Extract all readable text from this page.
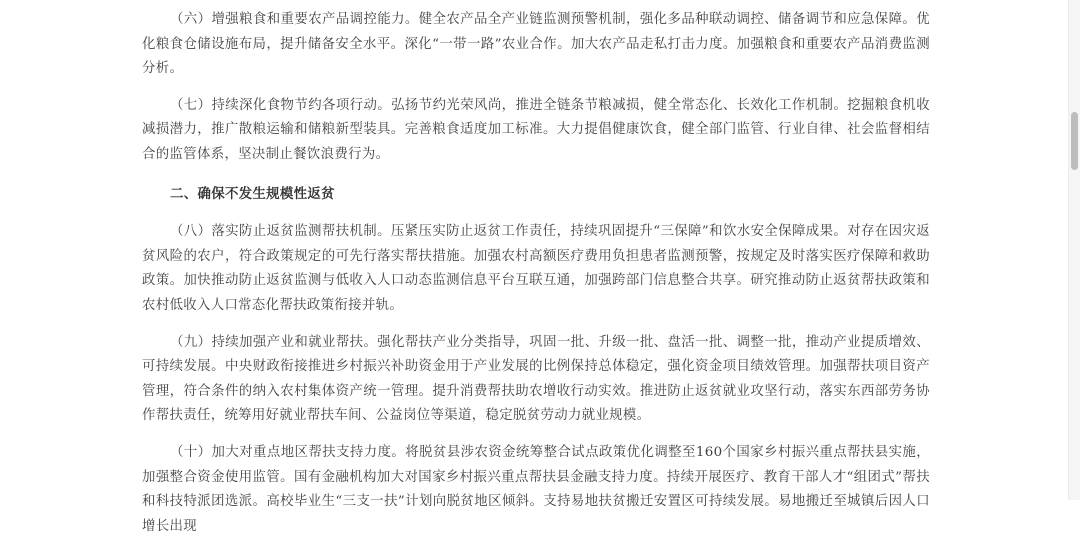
（六）增强粮食和重要农产品调控能力。健全农产品全产业链监测预警机制，强化多品种联动调控、储备调节和应急保障。优化粮食仓储设施布局，提升储备安全水平。深化“一带一路”农业合作。加大农产品走私打击力度。加强粮食和重要农产品消费监测分析。

（七）持续深化食物节约各项行动。弘扬节约光荣风尚，推进全链条节粮减损，健全常态化、长效化工作机制。挖掘粮食机收减损潜力，推广散粮运输和储粮新型装具。完善粮食适度加工标准。大力提倡健康饮食，健全部门监管、行业自律、社会监督相结合的监管体系，坚决制止餐饮浪费行为。

二、确保不发生规模性返贫

（八）落实防止返贫监测帮扶机制。压紧压实防止返贫工作责任，持续巩固提升“三保障”和饮水安全保障成果。对存在因灾返贫风险的农户，符合政策规定的可先行落实帮扶措施。加强农村高额医疗费用负担患者监测预警，按规定及时落实医疗保障和救助政策。加快推动防止返贫监测与低收入人口动态监测信息平台互联互通，加强跨部门信息整合共享。研究推动防止返贫帮扶政策和农村低收入人口常态化帮扶政策衔接并轨。

（九）持续加强产业和就业帮扶。强化帮扶产业分类指导，巩固一批、升级一批、盘活一批、调整一批，推动产业提质增效、可持续发展。中央财政衔接推进乡村振兴补助资金用于产业发展的比例保持总体稳定，强化资金项目绩效管理。加强帮扶项目资产管理，符合条件的纳入农村集体资产统一管理。提升消费帮扶助农增收行动实效。推进防止返贫就业攻坚行动，落实东西部劳务协作帮扶责任，统筹用好就业帮扶车间、公益岗位等渠道，稳定脱贫劳动力就业规模。

（十）加大对重点地区帮扶支持力度。将脱贫县涉农资金统筹整合试点政策优化调整至160个国家乡村振兴重点帮扶县实施，加强整合资金使用监管。国有金融机构加大对国家乡村振兴重点帮扶县金融支持力度。持续开展医疗、教育干部人才“组团式”帮扶和科技特派团选派。高校毕业生“三支一扶”计划向脱贫地区倾斜。支持易地扶贫搬迁安置区可持续发展。易地搬迁至城镇后因人口增长出现
